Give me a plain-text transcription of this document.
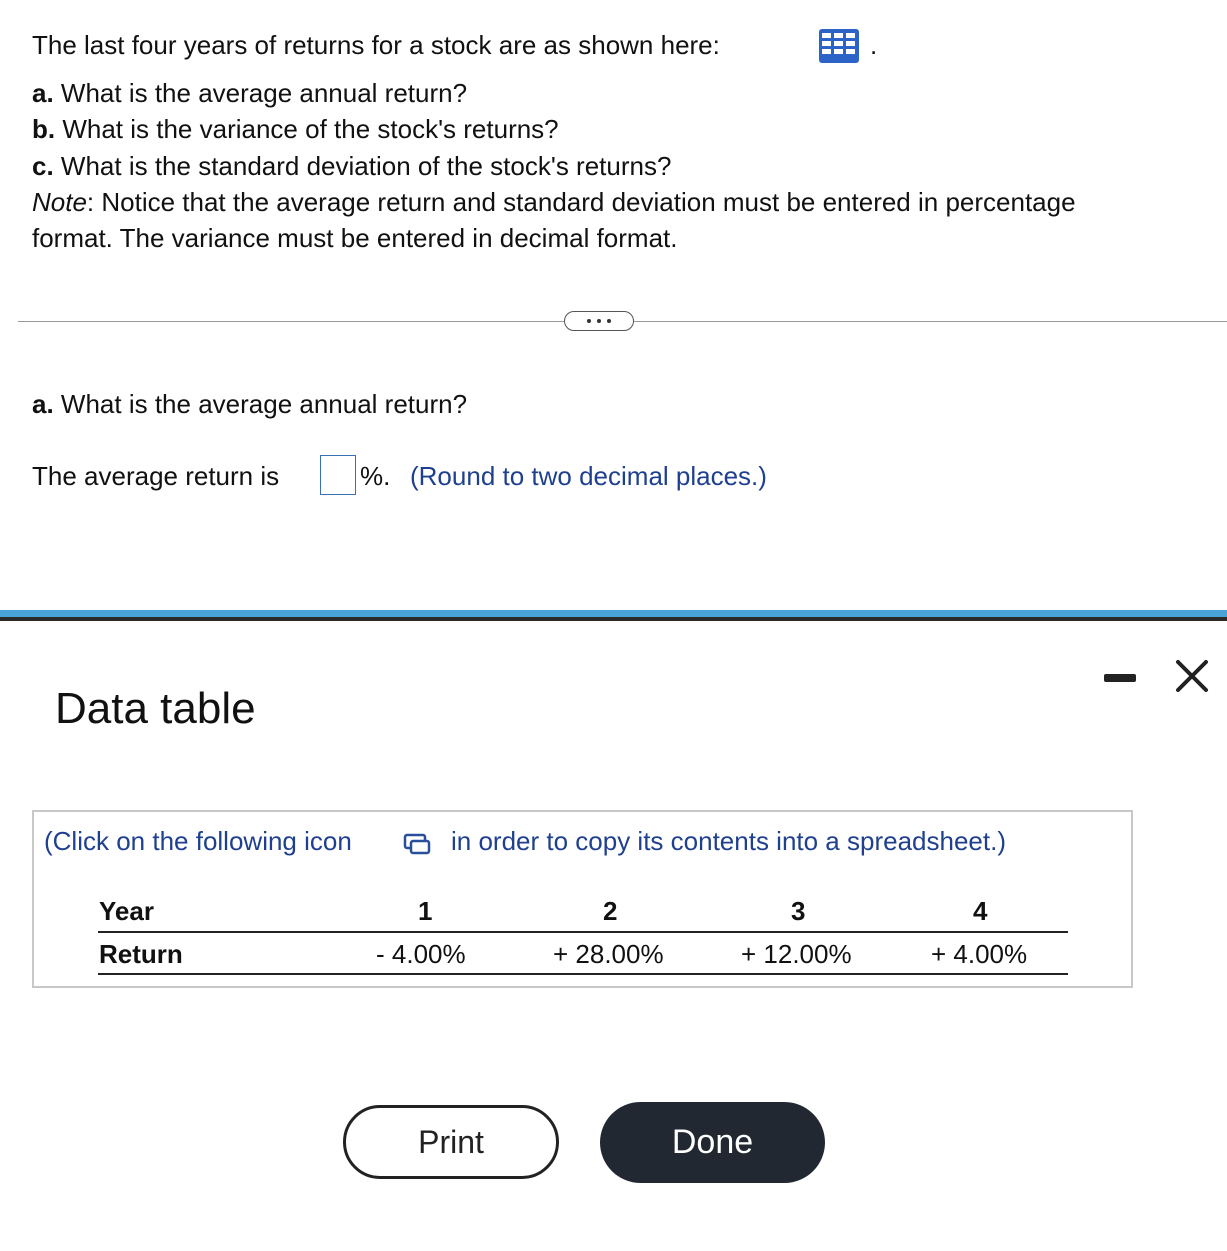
The last four years of returns for a stock are as shown here:	.
a. What is the average annual return?
b. What is the variance of the stock's returns?
c. What is the standard deviation of the stock's returns?
Note: Notice that the average return and standard deviation must be entered in percentage
format. The variance must be entered in decimal format.
a. What is the average annual return?
The average return is	%. (Round to two decimal places.)
Data table
(Click on the following icon	in order to copy its contents into a spreadsheet.)
Year	1	2	3	4
Return	- 4.00%	+ 28.00%	+ 12.00%	+ 4.00%
Print	Done
